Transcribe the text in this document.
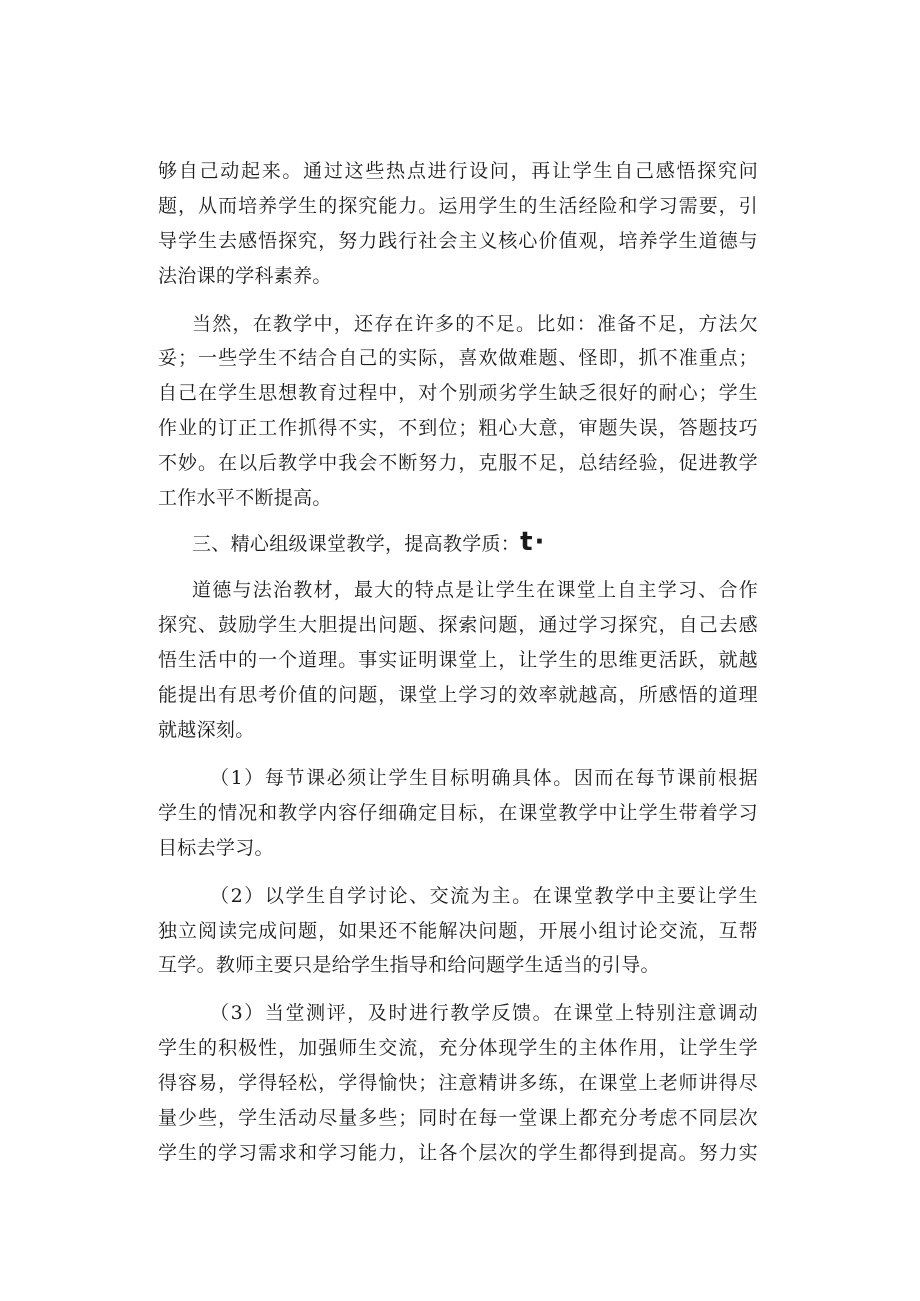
够自己动起来。通过这些热点进行设问，再让学生自己感悟探究问
题，从而培养学生的探究能力。运用学生的生活经险和学习需要，引
导学生去感悟探究，努力践行社会主义核心价值观，培养学生道德与
法治课的学科素养。
当然，在教学中，还存在许多的不足。比如：准备不足，方法欠
妥；一些学生不结合自己的实际，喜欢做难题、怪即，抓不准重点；
自己在学生思想教育过程中，对个别顽劣学生缺乏很好的耐心；学生
作业的订正工作抓得不实，不到位；粗心大意，审题失误，答题技巧
不妙。在以后教学中我会不断努力，克服不足，总结经验，促进教学
工作水平不断提高。
三、精心组级课堂教学，提高教学质：t·
道德与法治教材，最大的特点是让学生在课堂上自主学习、合作
探究、鼓励学生大胆提出问题、探索问题，通过学习探究，自己去感
悟生活中的一个道理。事实证明课堂上，让学生的思维更活跃，就越
能提出有思考价值的问题，课堂上学习的效率就越高，所感悟的道理
就越深刻。
（1）每节课必须让学生目标明确具体。因而在每节课前根据
学生的情况和教学内容仔细确定目标，在课堂教学中让学生带着学习
目标去学习。
（2）以学生自学讨论、交流为主。在课堂教学中主要让学生
独立阅读完成问题，如果还不能解决问题，开展小组讨论交流，互帮
互学。教师主要只是给学生指导和给问题学生适当的引导。
（3）当堂测评，及时进行教学反馈。在课堂上特别注意调动
学生的积极性，加强师生交流，充分体现学生的主体作用，让学生学
得容易，学得轻松，学得愉快；注意精讲多练，在课堂上老师讲得尽
量少些，学生活动尽量多些；同时在每一堂课上都充分考虑不同层次
学生的学习需求和学习能力，让各个层次的学生都得到提高。努力实
